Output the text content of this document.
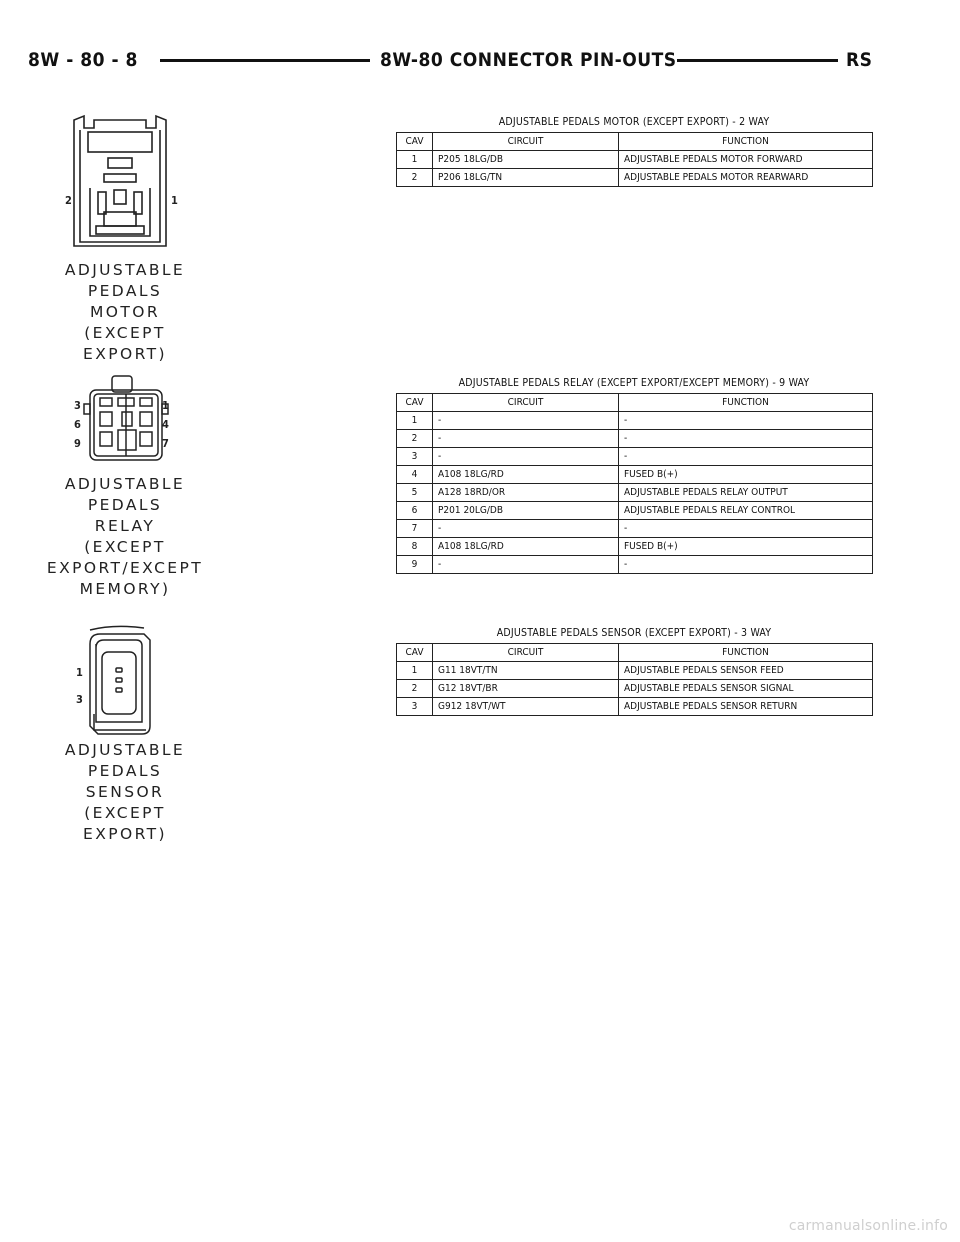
8W - 80 - 8	8W-80 CONNECTOR PIN-OUTS	RS
2	1
ADJUSTABLE
PEDALS
MOTOR
(EXCEPT EXPORT)
ADJUSTABLE PEDALS MOTOR (EXCEPT EXPORT) - 2 WAY
CAV	CIRCUIT	FUNCTION
1	P205 18LG/DB	ADJUSTABLE PEDALS MOTOR FORWARD
2	P206 18LG/TN	ADJUSTABLE PEDALS MOTOR REARWARD
3	1
6	4
9	7
ADJUSTABLE
PEDALS
RELAY
(EXCEPT
EXPORT/EXCEPT
MEMORY)
ADJUSTABLE PEDALS RELAY (EXCEPT EXPORT/EXCEPT MEMORY) - 9 WAY
CAV	CIRCUIT	FUNCTION
1	-	-
2	-	-
3	-	-
4	A108 18LG/RD	FUSED B(+)
5	A128 18RD/OR	ADJUSTABLE PEDALS RELAY OUTPUT
6	P201 20LG/DB	ADJUSTABLE PEDALS RELAY CONTROL
7	-	-
8	A108 18LG/RD	FUSED B(+)
9	-	-
1
3
ADJUSTABLE
PEDALS
SENSOR
(EXCEPT EXPORT)
ADJUSTABLE PEDALS SENSOR (EXCEPT EXPORT) - 3 WAY
CAV	CIRCUIT	FUNCTION
1	G11 18VT/TN	ADJUSTABLE PEDALS SENSOR FEED
2	G12 18VT/BR	ADJUSTABLE PEDALS SENSOR SIGNAL
3	G912 18VT/WT	ADJUSTABLE PEDALS SENSOR RETURN
carmanualsonline.info
